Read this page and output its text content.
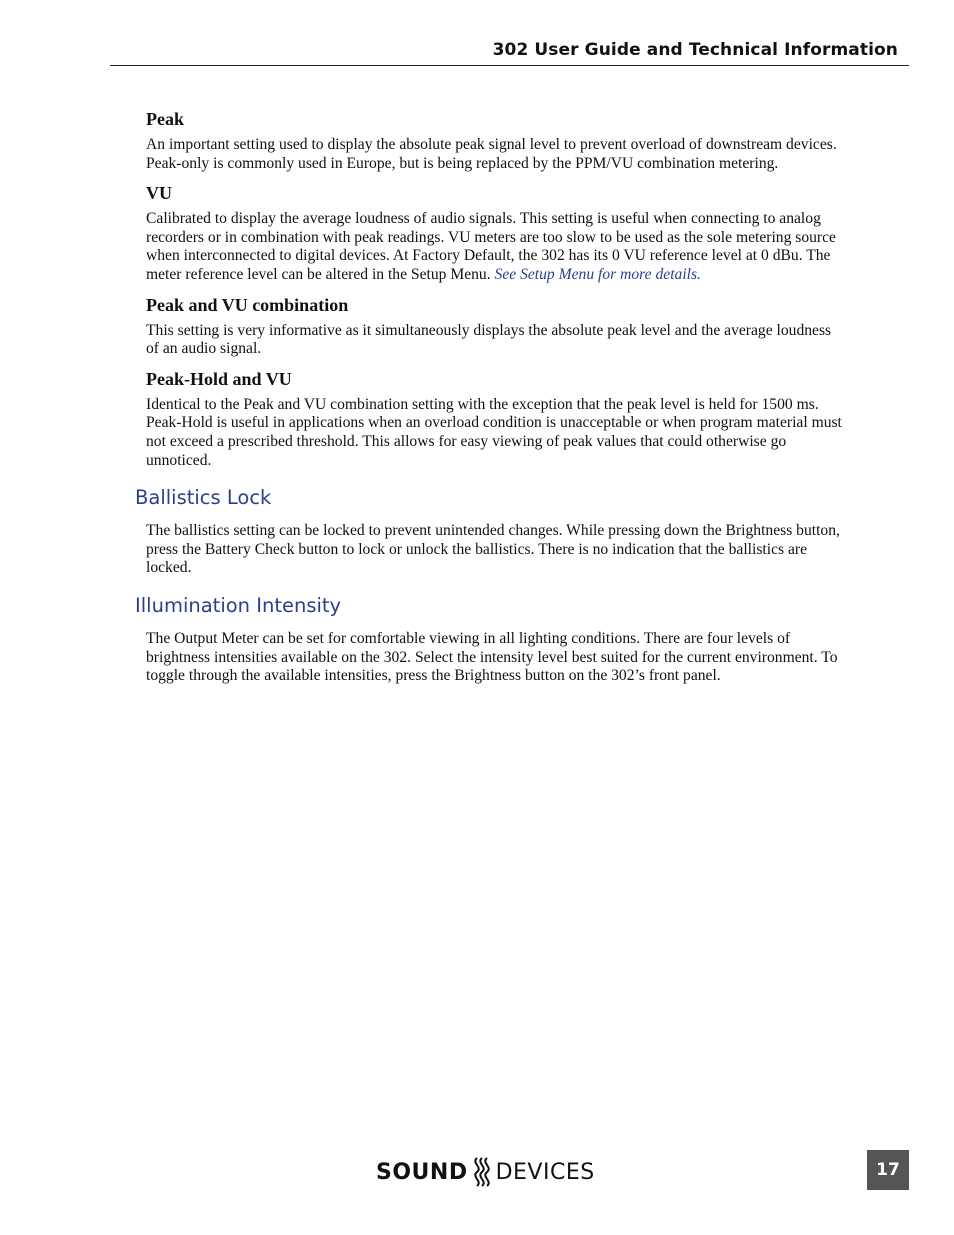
302 User Guide and Technical Information
Peak

An important setting used to display the absolute peak signal level to prevent overload of downstream devices. Peak-only is commonly used in Europe, but is being replaced by the PPM/VU combination metering.

VU

Calibrated to display the average loudness of audio signals. This setting is useful when connecting to analog recorders or in combination with peak readings. VU meters are too slow to be used as the sole metering source when interconnected to digital devices. At Factory Default, the 302 has its 0 VU reference level at 0 dBu. The meter reference level can be altered in the Setup Menu. See Setup Menu for more details.

Peak and VU combination

This setting is very informative as it simultaneously displays the absolute peak level and the average loudness of an audio signal.

Peak-Hold and VU

Identical to the Peak and VU combination setting with the exception that the peak level is held for 1500 ms. Peak-Hold is useful in applications when an overload condition is unacceptable or when program material must not exceed a prescribed threshold. This allows for easy viewing of peak values that could otherwise go unnoticed.

Ballistics Lock

The ballistics setting can be locked to prevent unintended changes. While pressing down the Brightness button, press the Battery Check button to lock or unlock the ballistics. There is no indication that the ballistics are locked.

Illumination Intensity

The Output Meter can be set for comfortable viewing in all lighting conditions. There are four levels of brightness intensities available on the 302. Select the intensity level best suited for the current environment. To toggle through the available intensities, press the Brightness button on the 302’s front panel.

SOUND DEVICES	17
